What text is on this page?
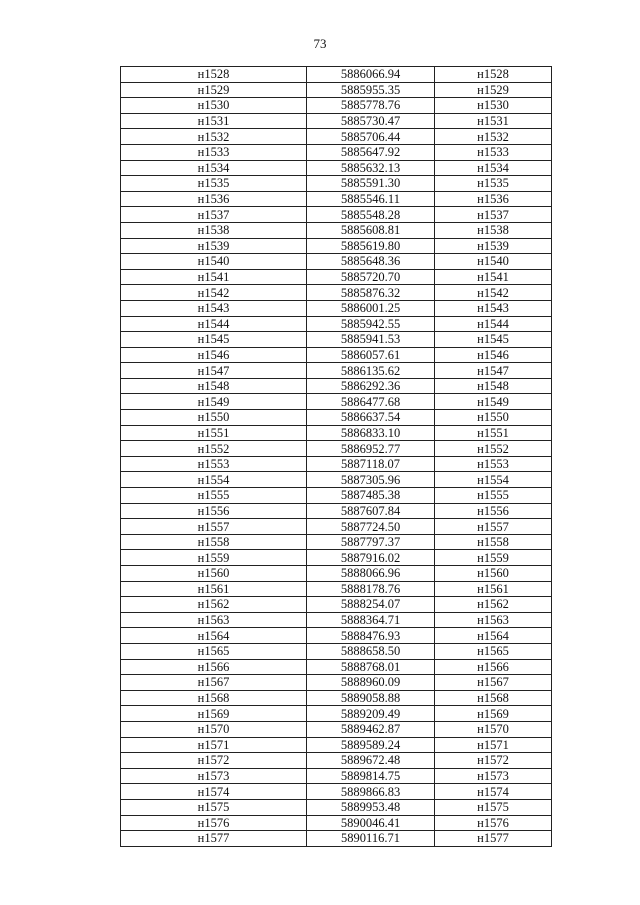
73
н1528	5886066.94	н1528
н1529	5885955.35	н1529
н1530	5885778.76	н1530
н1531	5885730.47	н1531
н1532	5885706.44	н1532
н1533	5885647.92	н1533
н1534	5885632.13	н1534
н1535	5885591.30	н1535
н1536	5885546.11	н1536
н1537	5885548.28	н1537
н1538	5885608.81	н1538
н1539	5885619.80	н1539
н1540	5885648.36	н1540
н1541	5885720.70	н1541
н1542	5885876.32	н1542
н1543	5886001.25	н1543
н1544	5885942.55	н1544
н1545	5885941.53	н1545
н1546	5886057.61	н1546
н1547	5886135.62	н1547
н1548	5886292.36	н1548
н1549	5886477.68	н1549
н1550	5886637.54	н1550
н1551	5886833.10	н1551
н1552	5886952.77	н1552
н1553	5887118.07	н1553
н1554	5887305.96	н1554
н1555	5887485.38	н1555
н1556	5887607.84	н1556
н1557	5887724.50	н1557
н1558	5887797.37	н1558
н1559	5887916.02	н1559
н1560	5888066.96	н1560
н1561	5888178.76	н1561
н1562	5888254.07	н1562
н1563	5888364.71	н1563
н1564	5888476.93	н1564
н1565	5888658.50	н1565
н1566	5888768.01	н1566
н1567	5888960.09	н1567
н1568	5889058.88	н1568
н1569	5889209.49	н1569
н1570	5889462.87	н1570
н1571	5889589.24	н1571
н1572	5889672.48	н1572
н1573	5889814.75	н1573
н1574	5889866.83	н1574
н1575	5889953.48	н1575
н1576	5890046.41	н1576
н1577	5890116.71	н1577
